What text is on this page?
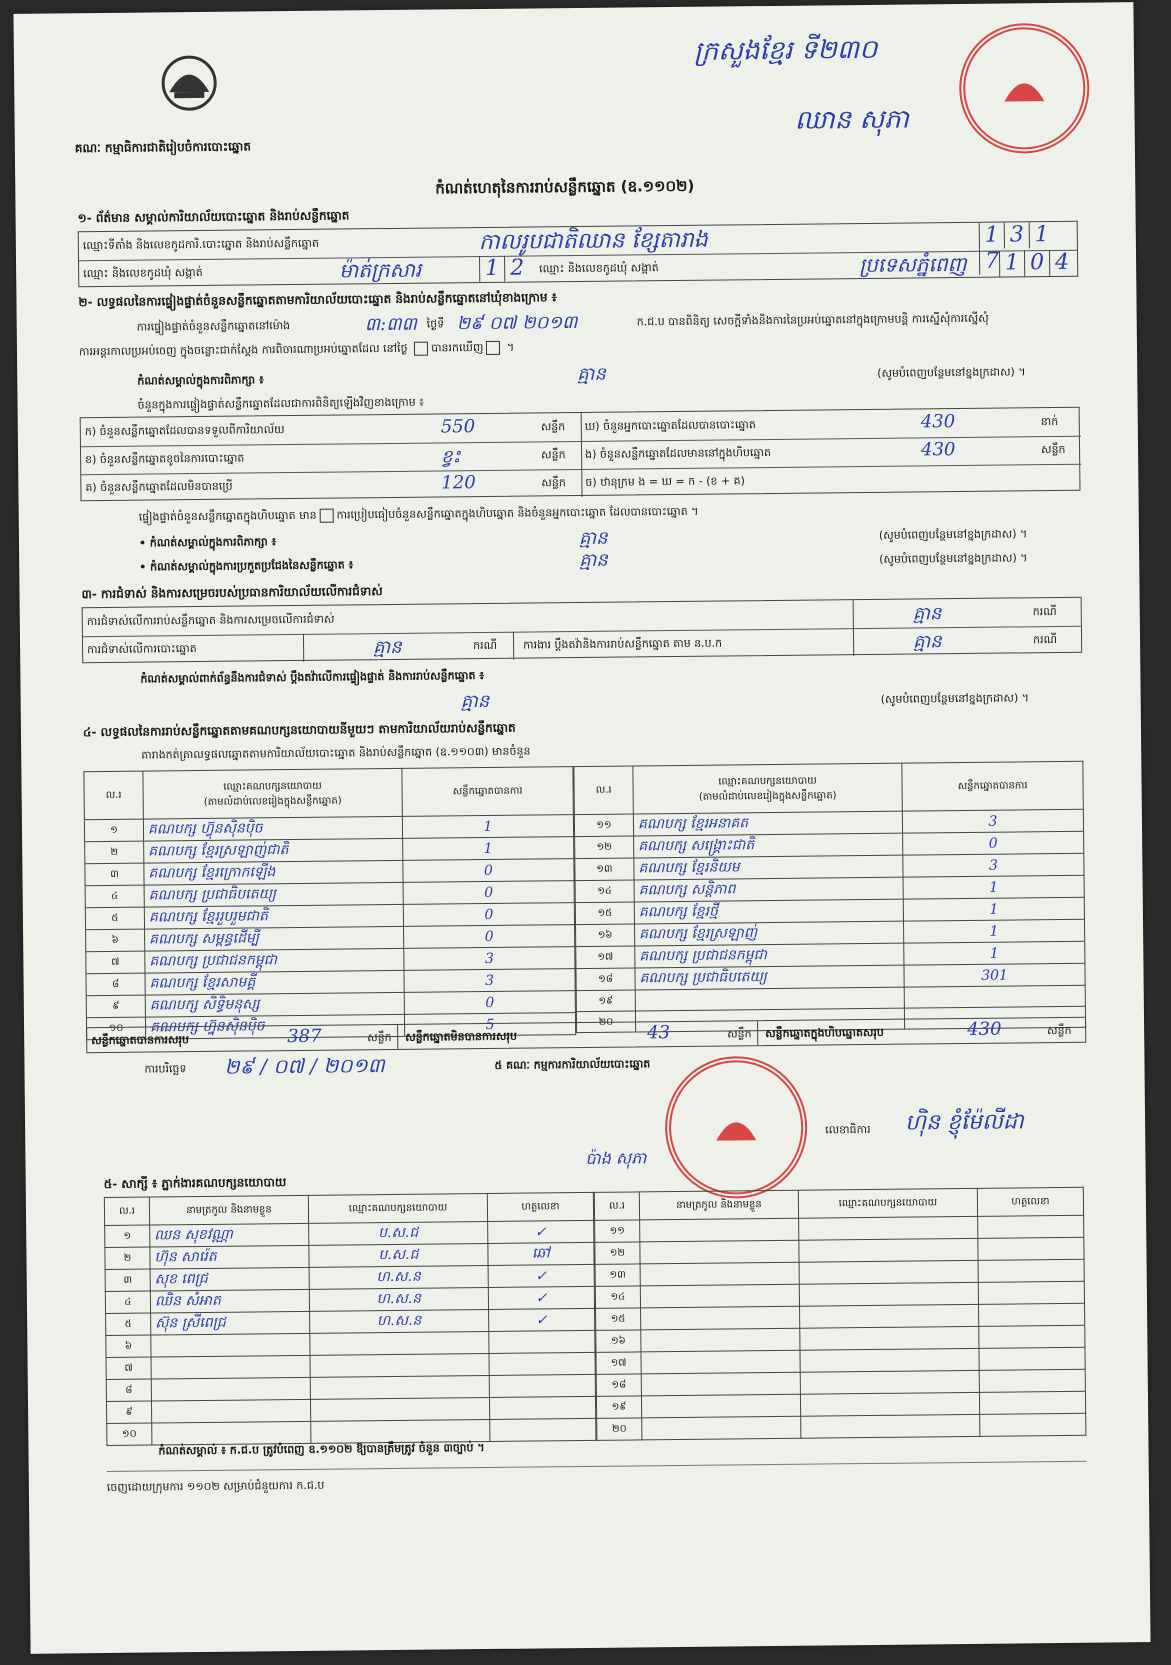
គណៈ កម្មាធិការជាតិរៀបចំការបោះឆ្នោត
ក្រសួងខ្មែរ ទី២៣០
ឈាន សុភា
កំណត់ហេតុនៃការរាប់សន្លឹកឆ្នោត (ឧ.១១០២)
១- ព័ត៌មាន សម្គាល់ការិយាល័យបោះឆ្នោត និងរាប់សន្លឹកឆ្នោត
ឈ្មោះទីតាំង និងលេខកូដការិ.បោះឆ្នោត និងរាប់សន្លឹកឆ្នោត	កាលរូបជាតិឈាន ខ្សែតារាង	1 3 17
ឈ្មោះ និងលេខកូដឃុំ សង្កាត់	ម៉ាត់ក្រសារ	1 2	ឈ្មោះ និងលេខកូដឃុំ សង្កាត់	ប្រទេសភ្នំពេញ 1 0 4
២- លទ្ធផលនៃការផ្ទៀងផ្ទាត់ចំនួនសន្លឹកឆ្នោតតាមការិយាល័យបោះឆ្នោត និងរាប់សន្លឹកឆ្នោតនៅឃុំខាងក្រោម ៖
ការផ្ទៀងផ្ទាត់ចំនួនសន្លឹកឆ្នោតនៅម៉ោង	៣:៣៣ ថ្ងៃទី ២៩ ០៧ ២០១៣	ក.ជ.ប បានពិនិត្យ សេចក្តីទាំងនិងការនៃប្រអប់ឆ្នោតនៅក្នុងក្រោមបន្តិ ការស្នើសុំការស្នើសុំ
ការអន្តរកាលប្រអប់ចេញ ក្នុងចន្លោះជាក់ស្តែង ការពិចារណាប្រអប់ឆ្នោតដែល នៅថ្ងៃ បានរកឃើញ ។
កំណត់សម្គាល់ក្នុងការពិភាក្សា ៖	គ្មាន	(សូមបំពេញបន្ថែមនៅខ្នងក្រដាស) ។
ចំនួនក្នុងការផ្ទៀងផ្ទាត់សន្លឹកឆ្នោតដែលជាការពិនិត្យឡើងវិញខាងក្រោម ៖
ក) ចំនួនសន្លឹកឆ្នោតដែលបានទទួលពីការិយាល័យ	550	សន្លឹក
ខ) ចំនួនសន្លឹកឆ្នោតខូចនៃការបោះឆ្នោត	ខ្វះ	សន្លឹក
គ) ចំនួនសន្លឹកឆ្នោតដែលមិនបានប្រើ	120	សន្លឹក
ឃ) ចំនួនអ្នកបោះឆ្នោតដែលបានបោះឆ្នោត	430	នាក់
ង) ចំនួនសន្លឹកឆ្នោតដែលមាននៅក្នុងហិបឆ្នោត	430	សន្លឹក
ច) ឋានុក្រម ង = ឃ = ក - (ខ + គ)
ផ្ទៀងផ្ទាត់ចំនួនសន្លឹកឆ្នោតក្នុងហិបឆ្នោត មាន ការប្រៀបធៀបចំនួនសន្លឹកឆ្នោតក្នុងហិបឆ្នោត និងចំនួនអ្នកបោះឆ្នោត ដែលបានបោះឆ្នោត ។
• កំណត់សម្គាល់ក្នុងការពិភាក្សា ៖	គ្មាន	(សូមបំពេញបន្ថែមនៅខ្នងក្រដាស) ។
• កំណត់សម្គាល់ក្នុងការប្រកួតប្រជែងនៃសន្លឹកឆ្នោត ៖	គ្មាន	(សូមបំពេញបន្ថែមនៅខ្នងក្រដាស) ។
៣- ការជំទាស់ និងការសម្រេចរបស់ប្រធានការិយាល័យលើការជំទាស់
ការជំទាស់លើការរាប់សន្លឹកឆ្នោត និងការសម្រេចលើការជំទាស់	គ្មាន	ករណី
ការជំទាស់លើការបោះឆ្នោត	គ្មាន	ករណី ការងារ ប្តឹងតវ៉ានិងការរាប់សន្លឹកឆ្នោត តាម ន.ប.ក	គ្មាន	ករណី
កំណត់សម្គាល់ពាក់ព័ន្ធនឹងការជំទាស់ ប្តឹងតវ៉ាលើការផ្ទៀងផ្ទាត់ និងការរាប់សន្លឹកឆ្នោត ៖
គ្មាន	(សូមបំពេញបន្ថែមនៅខ្នងក្រដាស) ។
៤- លទ្ធផលនៃការរាប់សន្លឹកឆ្នោតតាមគណបក្សនយោបាយនីមួយៗ តាមការិយាល័យរាប់សន្លឹកឆ្នោត
តារាងកត់ត្រាលទ្ធផលឆ្នោតតាមការិយាល័យបោះឆ្នោត និងរាប់សន្លឹកឆ្នោត (ឧ.១១០៣) មានចំនួន
ល.រ	ឈ្មោះគណបក្សនយោបាយ
(តាមលំដាប់លេខរៀងក្នុងសន្លឹកឆ្នោត)	សន្លឹកឆ្នោតបានការ
១	គណបក្ស ហ៊្វុនស៊ិនប៉ិច	1
២	គណបក្ស ខ្មែរស្រឡាញ់ជាតិ	1
៣	គណបក្ស ខ្មែរក្រោកឡើង	0
៤	គណបក្ស ប្រជាធិបតេយ្យ	0
៥	គណបក្ស ខ្មែររួបរួមជាតិ	0
៦	គណបក្ស សម្ពន្ធដើម្បី	0
៧	គណបក្ស ប្រជាជនកម្ពុជា	3
៨	គណបក្ស ខ្មែរសាមគ្គី	3
៩	គណបក្ស សិទ្ធិមនុស្ស	0
១០	គណបក្ស ហ្វ៊ុនស៊ិនប៉ិច	5
ល.រ	ឈ្មោះគណបក្សនយោបាយ
(តាមលំដាប់លេខរៀងក្នុងសន្លឹកឆ្នោត)	សន្លឹកឆ្នោតបានការ
១១	គណបក្ស ខ្មែរអនាគត	3
១២	គណបក្ស សង្គ្រោះជាតិ	0
១៣	គណបក្ស ខ្មែរនិយម	3
១៤	គណបក្ស សន្តិភាព	1
១៥	គណបក្ស ខ្មែរថ្មី	1
១៦	គណបក្ស ខ្មែរស្រឡាញ់	1
១៧	គណបក្ស ប្រជាជនកម្ពុជា	1
១៨	គណបក្ស ប្រជាធិបតេយ្យ	301
១៩		
២០		
សន្លឹកឆ្នោតបានការសរុប	387	សន្លឹក សន្លឹកឆ្នោតមិនបានការសរុប	43	សន្លឹក សន្លឹកឆ្នោតក្នុងហិបឆ្នោតសរុប	430	សន្លឹក
ការបរិច្ឆេទ ២៩ / ០៧ / ២០១៣	៥ គណៈ កម្មការការិយាល័យបោះឆ្នោត
ប៉ាង សុភា
លេខាធិការ ហ៊ិន ខ្ញុំម៉ែលីដា
៥- សាក្សី ៖ ភ្នាក់ងារគណបក្សនយោបាយ
ល.រ	នាមត្រកូល និងនាមខ្លួន	ឈ្មោះគណបក្សនយោបាយ	ហត្ថលេខា
១	ឈន សុខវណ្ណា	ប.ស.ជ	✓
២	ហ៊ុន សារ៉េត	ប.ស.ជ	ឆៅ
៣	សុខ ពេជ្រ	ហ.ស.ន	✓
៤	ឈិន សំអាត	ហ.ស.ន	✓
៥	ស៊ុន ស្រីពេជ្រ	ហ.ស.ន	✓
៦			
៧			
៨			
៩			
១០			
ល.រ	នាមត្រកូល និងនាមខ្លួន	ឈ្មោះគណបក្សនយោបាយ	ហត្ថលេខា
១១			
១២			
១៣			
១៤			
១៥			
១៦			
១៧			
១៨			
១៩			
២០			
កំណត់សម្គាល់ ៖ ក.ជ.ប ត្រូវបំពេញ ឧ.១១០២ ឱ្យបានត្រឹមត្រូវ ចំនួន ៣ច្បាប់ ។
ចេញដោយក្រុមការ ១១០២ សម្រាប់ជំនួយការ ក.ជ.ប
